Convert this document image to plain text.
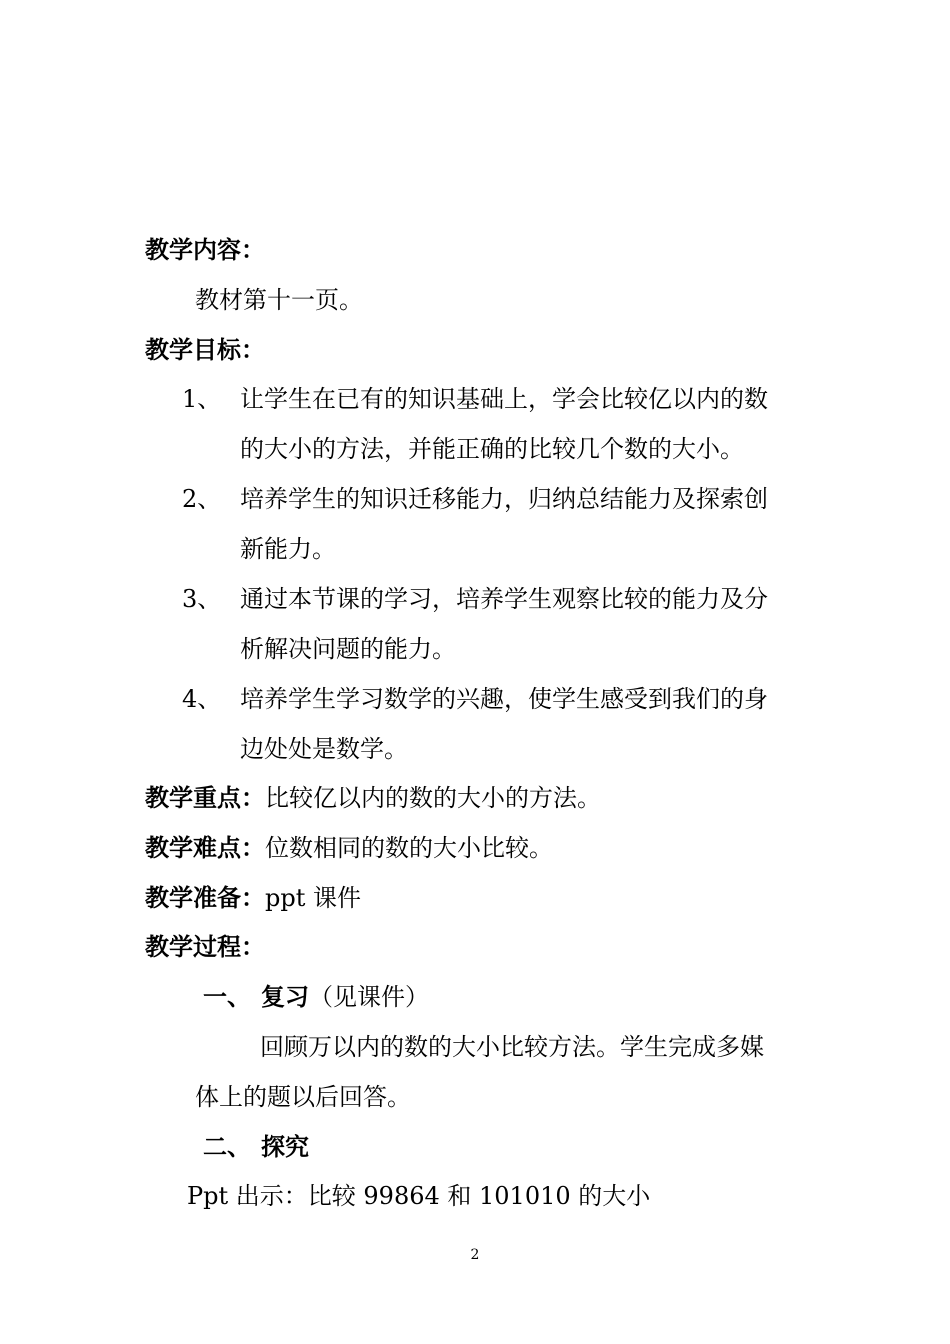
教学内容：
教材第十一页。
教学目标：
1、 让学生在已有的知识基础上，学会比较亿以内的数
的大小的方法，并能正确的比较几个数的大小。
2、 培养学生的知识迁移能力，归纳总结能力及探索创
新能力。
3、 通过本节课的学习，培养学生观察比较的能力及分
析解决问题的能力。
4、 培养学生学习数学的兴趣，使学生感受到我们的身
边处处是数学。
教学重点：比较亿以内的数的大小的方法。
教学难点：位数相同的数的大小比较。
教学准备：ppt 课件
教学过程：
一、 复习（见课件）
回顾万以内的数的大小比较方法。学生完成多媒
体上的题以后回答。
二、 探究
Ppt 出示：比较 99864 和 101010 的大小
2
